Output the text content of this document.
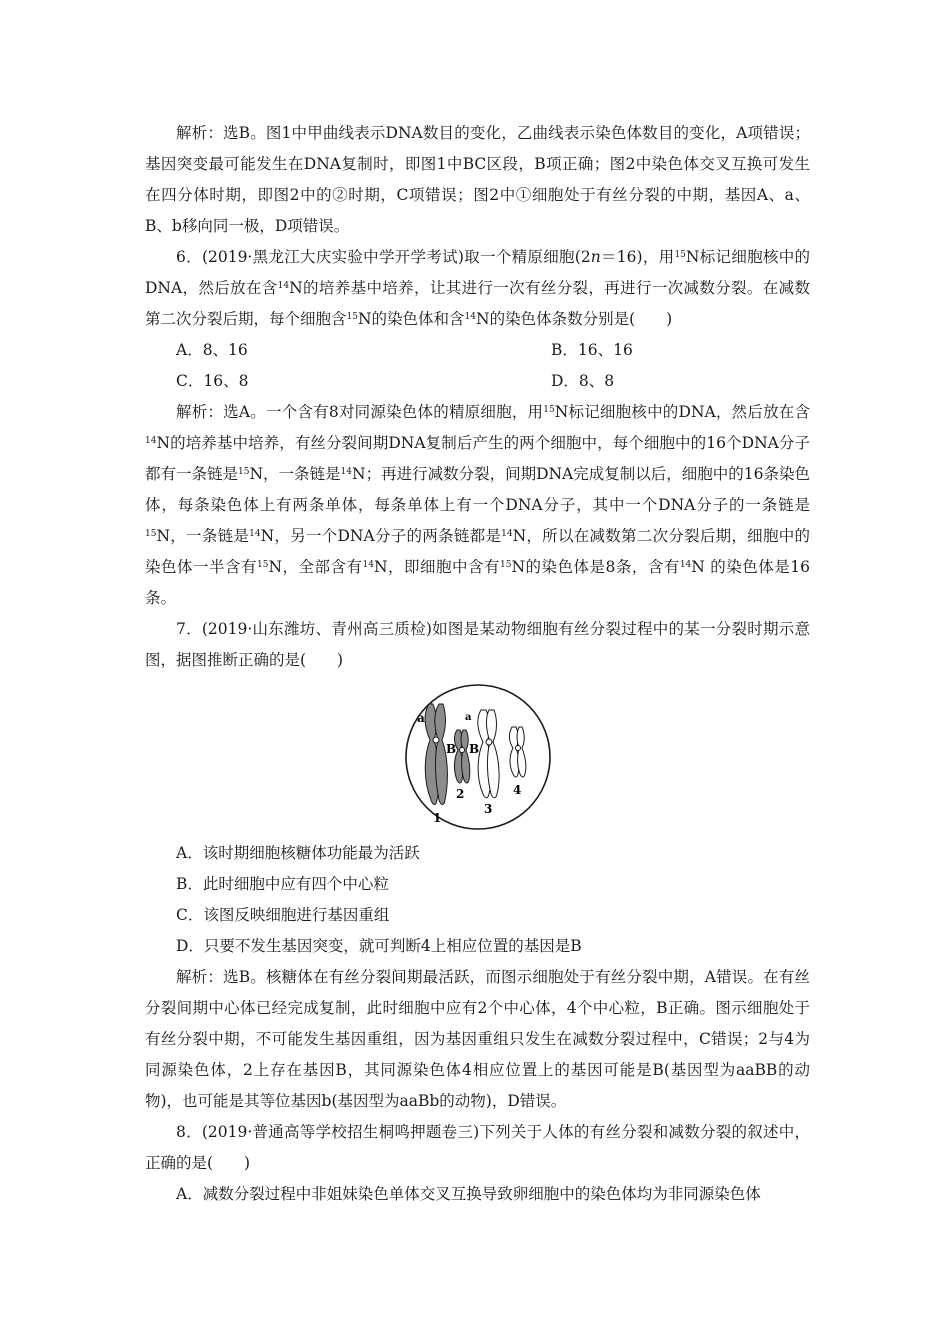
解析：选B。图1中甲曲线表示DNA数目的变化，乙曲线表示染色体数目的变化，A项错误；基因突变最可能发生在DNA复制时，即图1中BC区段，B项正确；图2中染色体交叉互换可发生在四分体时期，即图2中的②时期，C项错误；图2中①细胞处于有丝分裂的中期，基因A、a、B、b移向同一极，D项错误。

6．(2019·黑龙江大庆实验中学开学考试)取一个精原细胞(2n＝16)，用$^{15}$N标记细胞核中的DNA，然后放在含$^{14}$N的培养基中培养，让其进行一次有丝分裂，再进行一次减数分裂。在减数第二次分裂后期，每个细胞含$^{15}$N的染色体和含$^{14}$N的染色体条数分别是(　　)

A．8、16	B．16、16
C．16、8	D．8、8

解析：选A。一个含有8对同源染色体的精原细胞，用$^{15}$N标记细胞核中的DNA，然后放在含$^{14}$N的培养基中培养，有丝分裂间期DNA复制后产生的两个细胞中，每个细胞中的16个DNA分子都有一条链是$^{15}$N，一条链是$^{14}$N；再进行减数分裂，间期DNA完成复制以后，细胞中的16条染色体，每条染色体上有两条单体，每条单体上有一个DNA分子，其中一个DNA分子的一条链是$^{15}$N，一条链是$^{14}$N，另一个DNA分子的两条链都是$^{14}$N，所以在减数第二次分裂后期，细胞中的染色体一半含有$^{15}$N，全部含有$^{14}$N，即细胞中含有$^{15}$N的染色体是8条，含有$^{14}$N 的染色体是16条。

7．(2019·山东潍坊、青州高三质检)如图是某动物细胞有丝分裂过程中的某一分裂时期示意图，据图推断正确的是(　　)

a	a
B B
1
2
3
4
A．该时期细胞核糖体功能最为活跃
B．此时细胞中应有四个中心粒
C．该图反映细胞进行基因重组
D．只要不发生基因突变，就可判断4上相应位置的基因是B

解析：选B。核糖体在有丝分裂间期最活跃，而图示细胞处于有丝分裂中期，A错误。在有丝分裂间期中心体已经完成复制，此时细胞中应有2个中心体，4个中心粒，B正确。图示细胞处于有丝分裂中期，不可能发生基因重组，因为基因重组只发生在减数分裂过程中，C错误；2与4为同源染色体，2上存在基因B，其同源染色体4相应位置上的基因可能是B(基因型为aaBB的动物)，也可能是其等位基因b(基因型为aaBb的动物)，D错误。

8．(2019·普通高等学校招生桐鸣押题卷三)下列关于人体的有丝分裂和减数分裂的叙述中，正确的是(　　)

A．减数分裂过程中非姐妹染色单体交叉互换导致卵细胞中的染色体均为非同源染色体
